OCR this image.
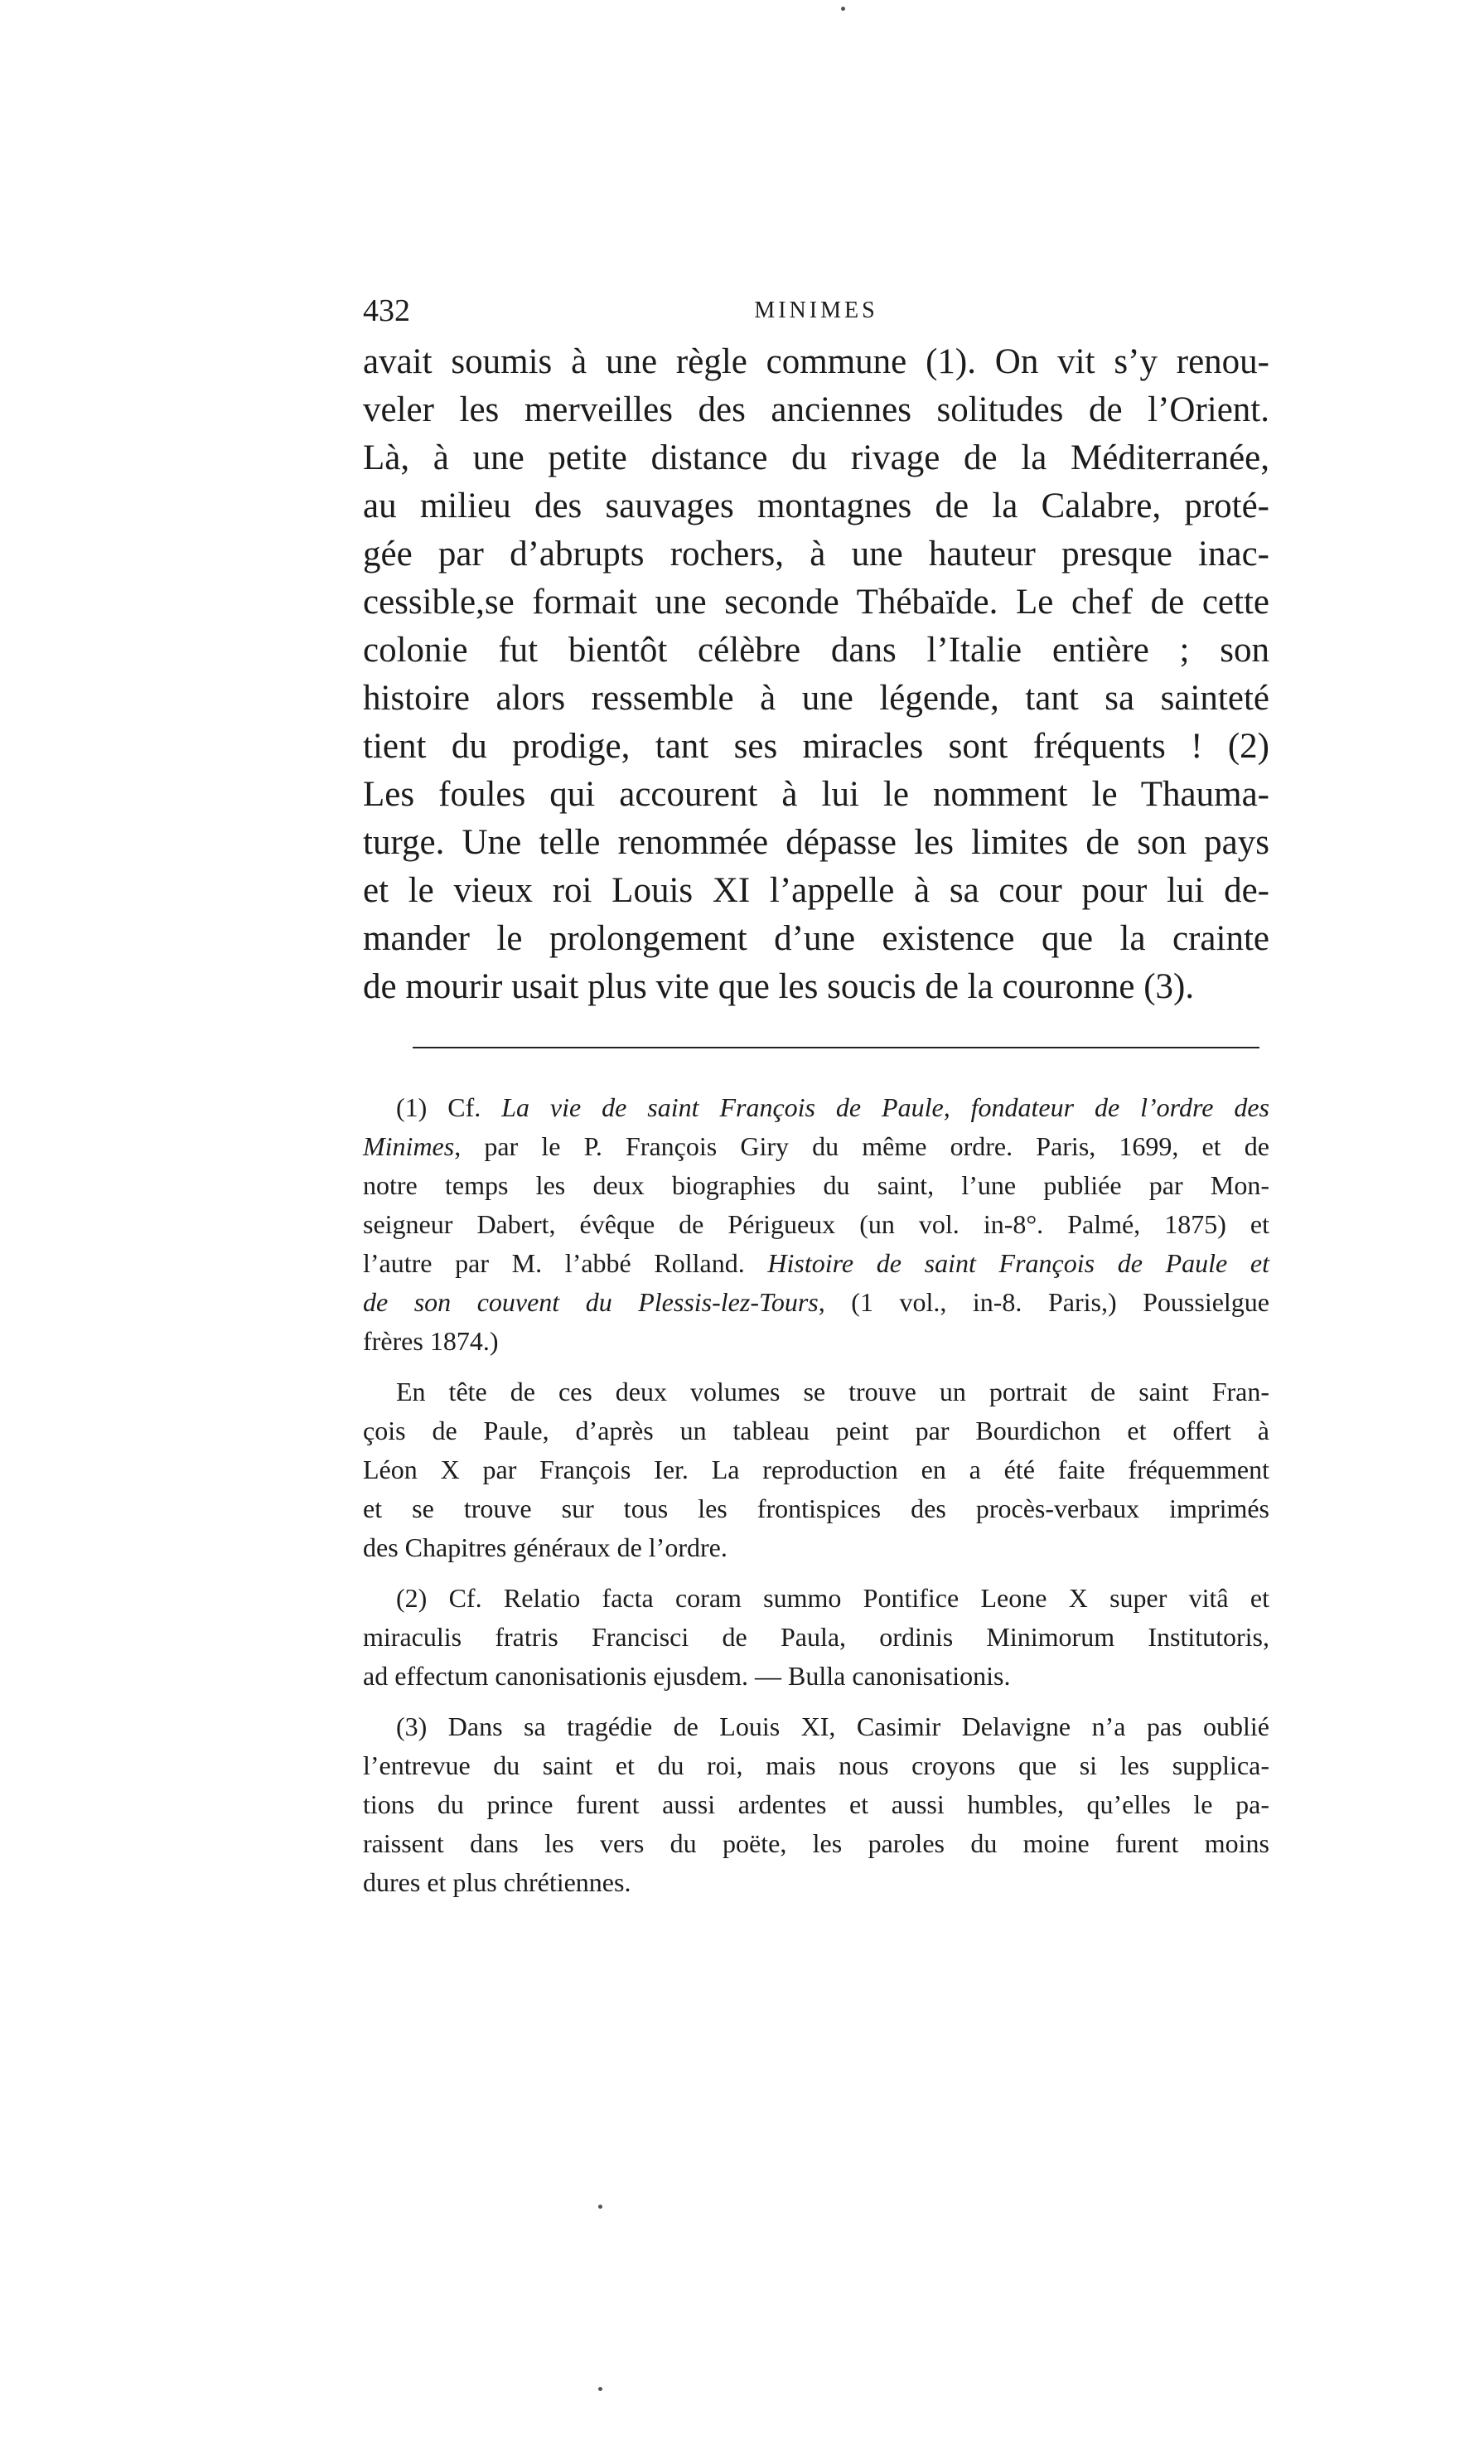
432	MINIMES
avait soumis à une règle commune (1). On vit s’y renou-
veler les merveilles des anciennes solitudes de l’Orient.
Là, à une petite distance du rivage de la Méditerranée,
au milieu des sauvages montagnes de la Calabre, proté-
gée par d’abrupts rochers, à une hauteur presque inac-
cessible,se formait une seconde Thébaïde. Le chef de cette
colonie fut bientôt célèbre dans l’Italie entière ; son
histoire alors ressemble à une légende, tant sa sainteté
tient du prodige, tant ses miracles sont fréquents ! (2)
Les foules qui accourent à lui le nomment le Thauma-
turge. Une telle renommée dépasse les limites de son pays
et le vieux roi Louis XI l’appelle à sa cour pour lui de-
mander le prolongement d’une existence que la crainte
de mourir usait plus vite que les soucis de la couronne (3).
(1) Cf. La vie de saint François de Paule, fondateur de l’ordre des
Minimes, par le P. François Giry du même ordre. Paris, 1699, et de
notre temps les deux biographies du saint, l’une publiée par Mon-
seigneur Dabert, évêque de Périgueux (un vol. in-8°. Palmé, 1875) et
l’autre par M. l’abbé Rolland. Histoire de saint François de Paule et
de son couvent du Plessis-lez-Tours, (1 vol., in-8. Paris,) Poussielgue
frères 1874.)
En tête de ces deux volumes se trouve un portrait de saint Fran-
çois de Paule, d’après un tableau peint par Bourdichon et offert à
Léon X par François Ier. La reproduction en a été faite fréquemment
et se trouve sur tous les frontispices des procès-verbaux imprimés
des Chapitres généraux de l’ordre.
(2) Cf. Relatio facta coram summo Pontifice Leone X super vitâ et
miraculis fratris Francisci de Paula, ordinis Minimorum Institutoris,
ad effectum canonisationis ejusdem. — Bulla canonisationis.
(3) Dans sa tragédie de Louis XI, Casimir Delavigne n’a pas oublié
l’entrevue du saint et du roi, mais nous croyons que si les supplica-
tions du prince furent aussi ardentes et aussi humbles, qu’elles le pa-
raissent dans les vers du poëte, les paroles du moine furent moins
dures et plus chrétiennes.
